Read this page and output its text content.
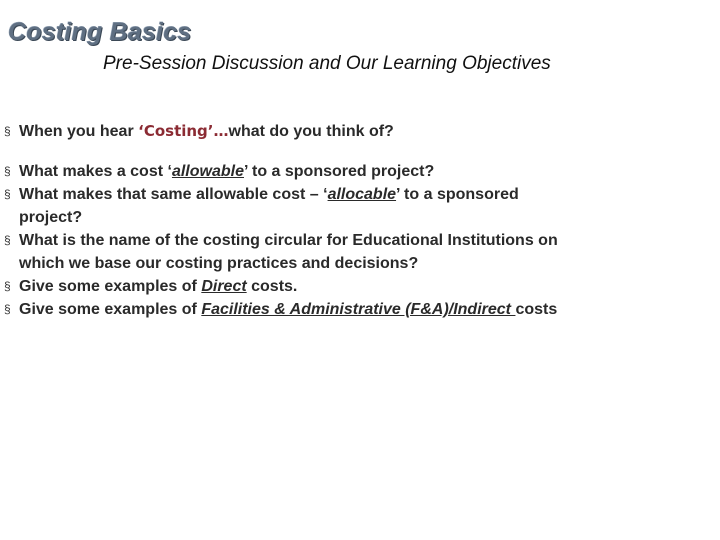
Costing Basics
Pre-Session Discussion and Our Learning Objectives
§ When you hear ‘Costing’…what do you think of?
§ What makes a cost ‘allowable’ to a sponsored project?
§ What makes that same allowable cost – ‘allocable’ to a sponsored project?
§ What is the name of the costing circular for Educational Institutions on which we base our costing practices and decisions?
§ Give some examples of Direct costs.
§ Give some examples of Facilities & Administrative (F&A)/Indirect costs
